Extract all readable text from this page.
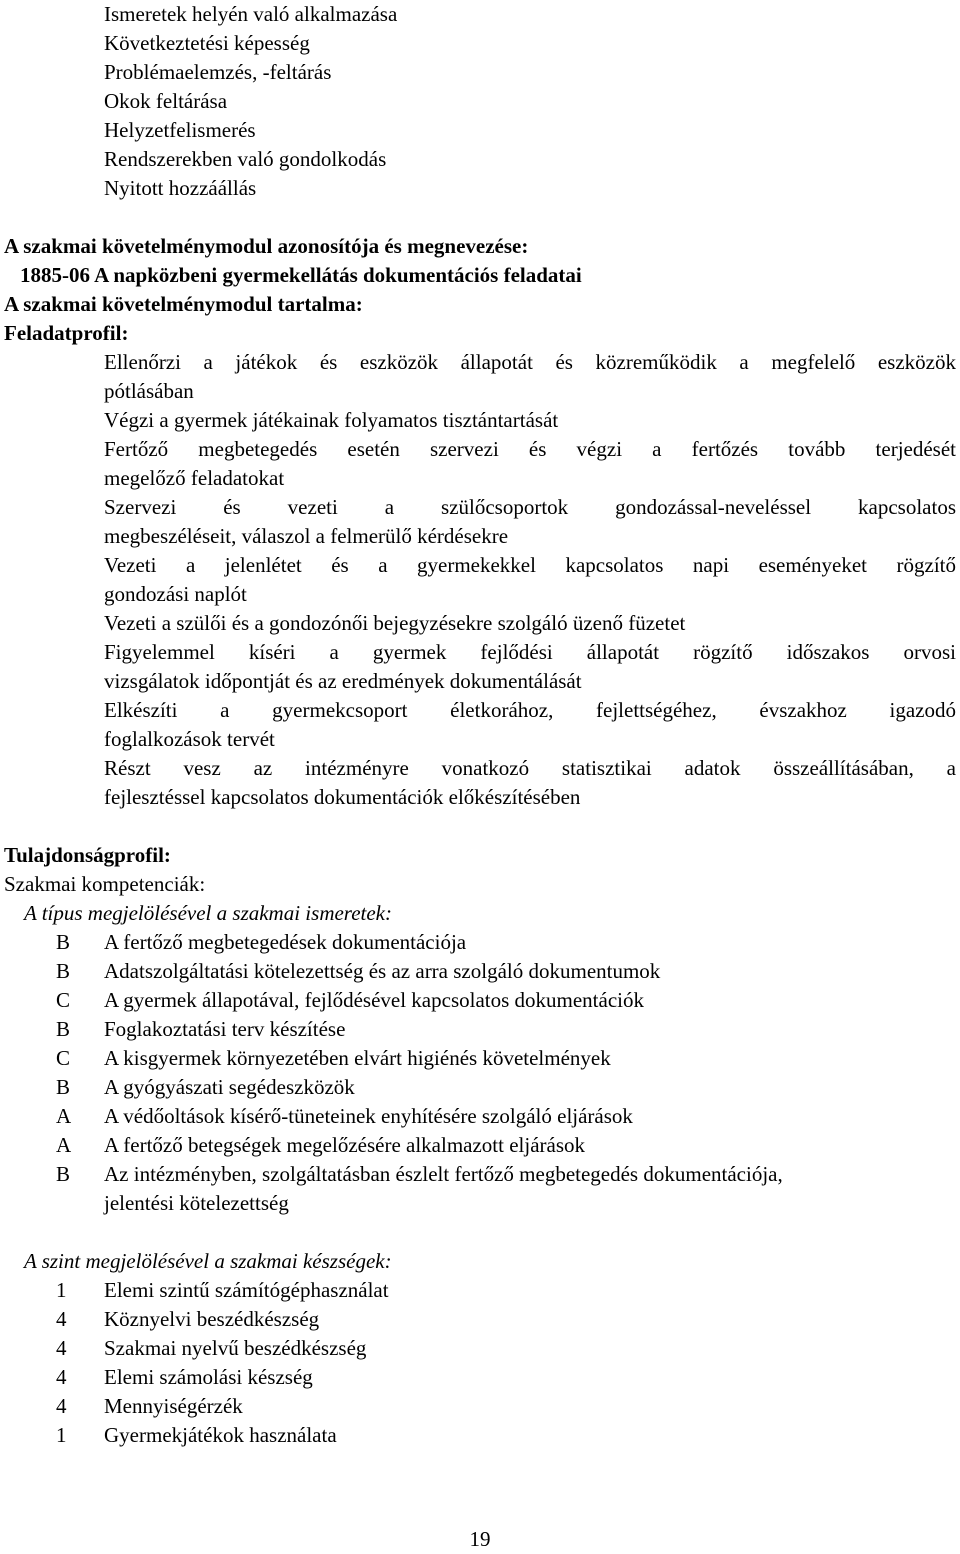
Ismeretek helyén való alkalmazása
Következtetési képesség
Problémaelemzés, -feltárás
Okok feltárása
Helyzetfelismerés
Rendszerekben való gondolkodás
Nyitott hozzáállás
A szakmai követelménymodul azonosítója és megnevezése:
1885-06 A napközbeni gyermekellátás dokumentációs feladatai
A szakmai követelménymodul tartalma:
Feladatprofil:
Ellenőrzi a játékok és eszközök állapotát és közreműködik a megfelelő eszközök
pótlásában
Végzi a gyermek játékainak folyamatos tisztántartását
Fertőző megbetegedés esetén szervezi és végzi a fertőzés tovább terjedését
megelőző feladatokat
Szervezi és vezeti a szülőcsoportok gondozással-neveléssel kapcsolatos
megbeszéléseit, válaszol a felmerülő kérdésekre
Vezeti a jelenlétet és a gyermekekkel kapcsolatos napi eseményeket rögzítő
gondozási naplót
Vezeti a szülői és a gondozónői bejegyzésekre szolgáló üzenő füzetet
Figyelemmel kíséri a gyermek fejlődési állapotát rögzítő időszakos orvosi
vizsgálatok időpontját és az eredmények dokumentálását
Elkészíti a gyermekcsoport életkorához, fejlettségéhez, évszakhoz igazodó
foglalkozások tervét
Részt vesz az intézményre vonatkozó statisztikai adatok összeállításában, a
fejlesztéssel kapcsolatos dokumentációk előkészítésében
Tulajdonságprofil:
Szakmai kompetenciák:
A típus megjelölésével a szakmai ismeretek:
B A fertőző megbetegedések dokumentációja
B Adatszolgáltatási kötelezettség és az arra szolgáló dokumentumok
C A gyermek állapotával, fejlődésével kapcsolatos dokumentációk
B Foglakoztatási terv készítése
C A kisgyermek környezetében elvárt higiénés követelmények
B A gyógyászati segédeszközök
A A védőoltások kísérő-tüneteinek enyhítésére szolgáló eljárások
A A fertőző betegségek megelőzésére alkalmazott eljárások
B Az intézményben, szolgáltatásban észlelt fertőző megbetegedés dokumentációja,
jelentési kötelezettség
A szint megjelölésével a szakmai készségek:
1 Elemi szintű számítógéphasználat
4 Köznyelvi beszédkészség
4 Szakmai nyelvű beszédkészség
4 Elemi számolási készség
4 Mennyiségérzék
1 Gyermekjátékok használata
19
